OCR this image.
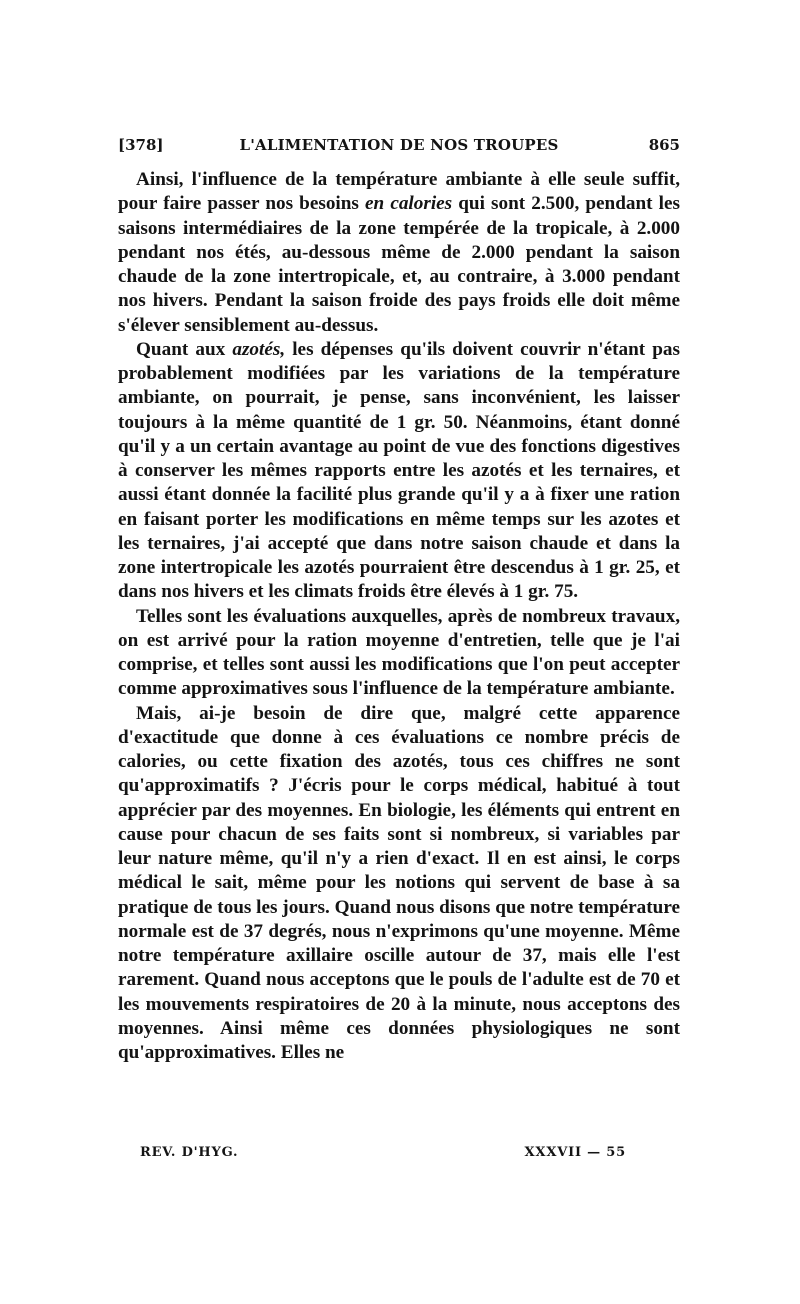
[378]	L'ALIMENTATION DE NOS TROUPES	865

Ainsi, l'influence de la température ambiante à elle seule suffit, pour faire passer nos besoins en calories qui sont 2.500, pendant les saisons intermédiaires de la zone tempérée de la tropicale, à 2.000 pendant nos étés, au-dessous même de 2.000 pendant la saison chaude de la zone intertropicale, et, au contraire, à 3.000 pendant nos hivers. Pendant la saison froide des pays froids elle doit même s'élever sensiblement au-dessus.

Quant aux azotés, les dépenses qu'ils doivent couvrir n'étant pas probablement modifiées par les variations de la température ambiante, on pourrait, je pense, sans inconvénient, les laisser toujours à la même quantité de 1 gr. 50. Néanmoins, étant donné qu'il y a un certain avantage au point de vue des fonctions digestives à conserver les mêmes rapports entre les azotés et les ternaires, et aussi étant donnée la facilité plus grande qu'il y a à fixer une ration en faisant porter les modifications en même temps sur les azotes et les ternaires, j'ai accepté que dans notre saison chaude et dans la zone intertropicale les azotés pourraient être descendus à 1 gr. 25, et dans nos hivers et les climats froids être élevés à 1 gr. 75.

Telles sont les évaluations auxquelles, après de nombreux travaux, on est arrivé pour la ration moyenne d'entretien, telle que je l'ai comprise, et telles sont aussi les modifications que l'on peut accepter comme approximatives sous l'influence de la température ambiante.

Mais, ai-je besoin de dire que, malgré cette apparence d'exactitude que donne à ces évaluations ce nombre précis de calories, ou cette fixation des azotés, tous ces chiffres ne sont qu'approximatifs ? J'écris pour le corps médical, habitué à tout apprécier par des moyennes. En biologie, les éléments qui entrent en cause pour chacun de ses faits sont si nombreux, si variables par leur nature même, qu'il n'y a rien d'exact. Il en est ainsi, le corps médical le sait, même pour les notions qui servent de base à sa pratique de tous les jours. Quand nous disons que notre température normale est de 37 degrés, nous n'exprimons qu'une moyenne. Même notre température axillaire oscille autour de 37, mais elle l'est rarement. Quand nous acceptons que le pouls de l'adulte est de 70 et les mouvements respiratoires de 20 à la minute, nous acceptons des moyennes. Ainsi même ces données physiologiques ne sont qu'approximatives. Elles ne

REV. D'HYG.	XXXVII — 55
